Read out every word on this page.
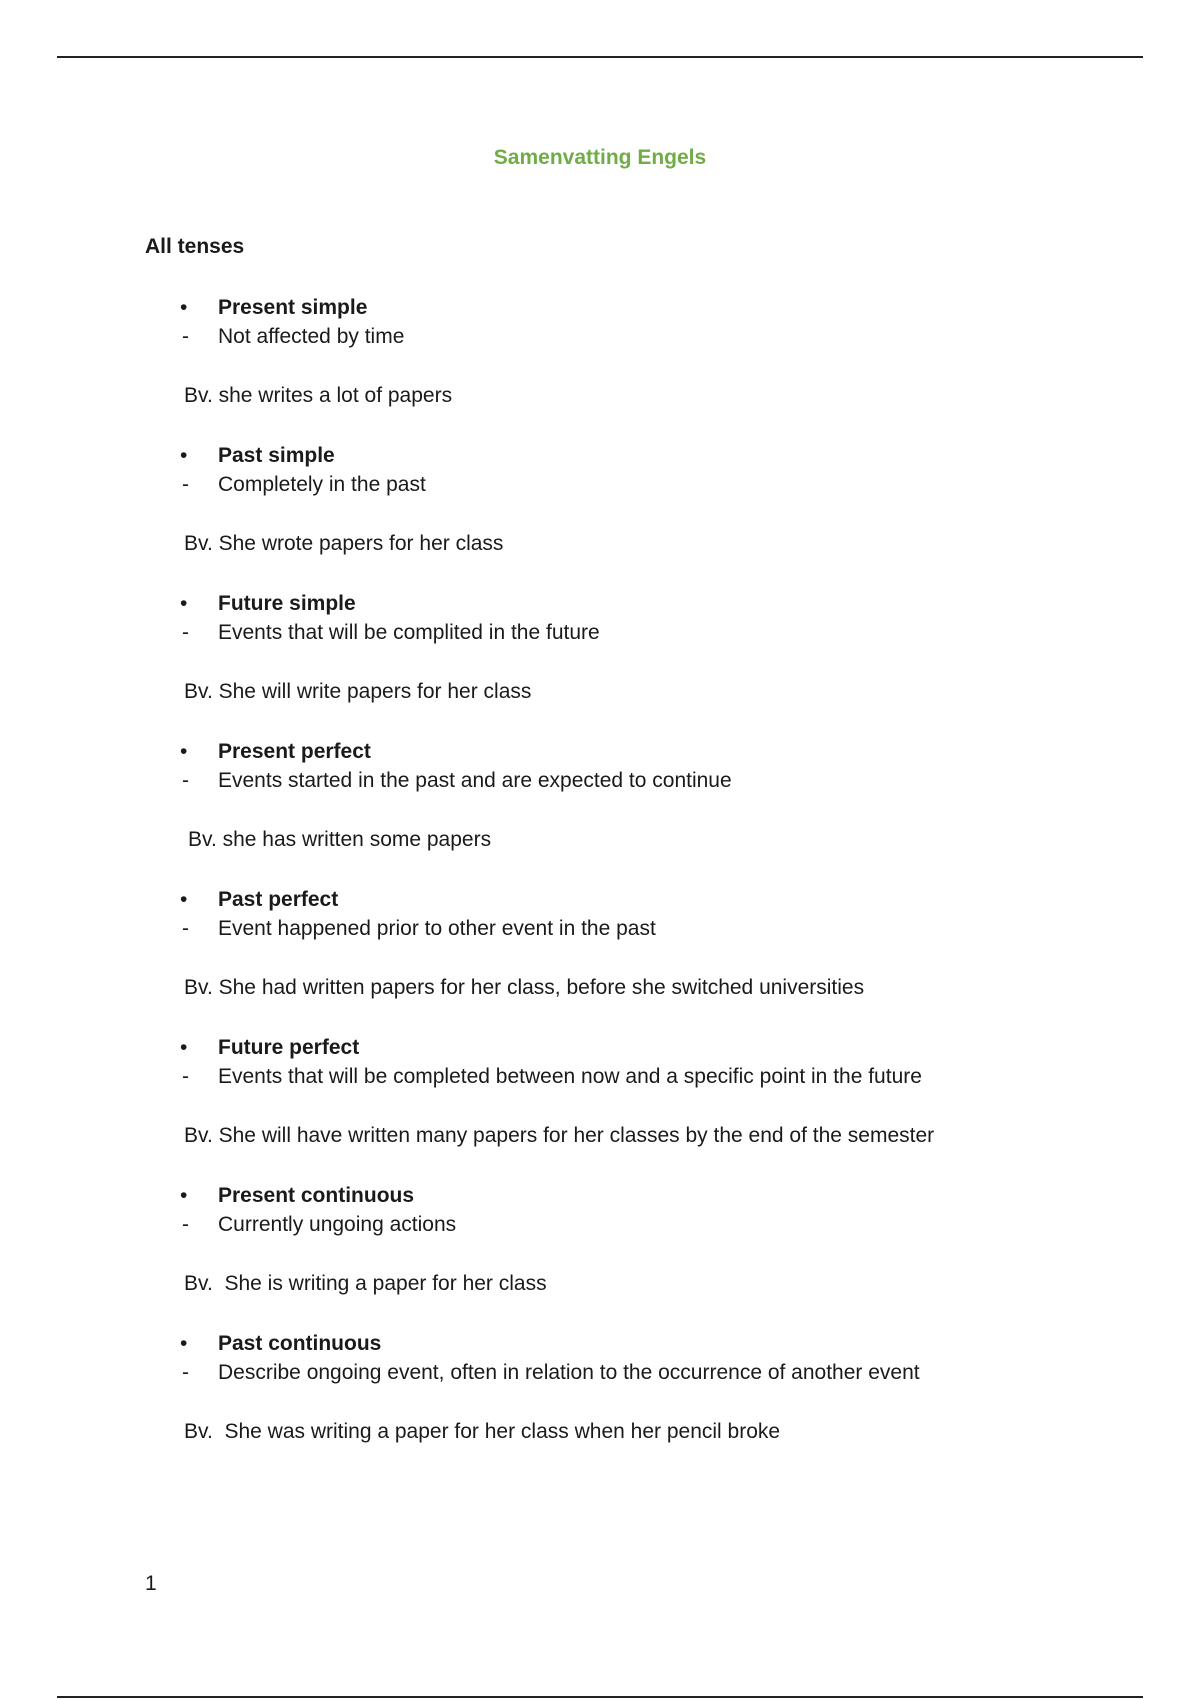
Samenvatting Engels
All tenses
• Present simple
- Not affected by time
Bv. she writes a lot of papers
• Past simple
- Completely in the past
Bv. She wrote papers for her class
• Future simple
- Events that will be complited in the future
Bv. She will write papers for her class
• Present perfect
- Events started in the past and are expected to continue
Bv. she has written some papers
• Past perfect
- Event happened prior to other event in the past
Bv. She had written papers for her class, before she switched universities
• Future perfect
- Events that will be completed between now and a specific point in the future
Bv. She will have written many papers for her classes by the end of the semester
• Present continuous
- Currently ungoing actions
Bv.  She is writing a paper for her class
• Past continuous
- Describe ongoing event, often in relation to the occurrence of another event
Bv.  She was writing a paper for her class when her pencil broke
1
